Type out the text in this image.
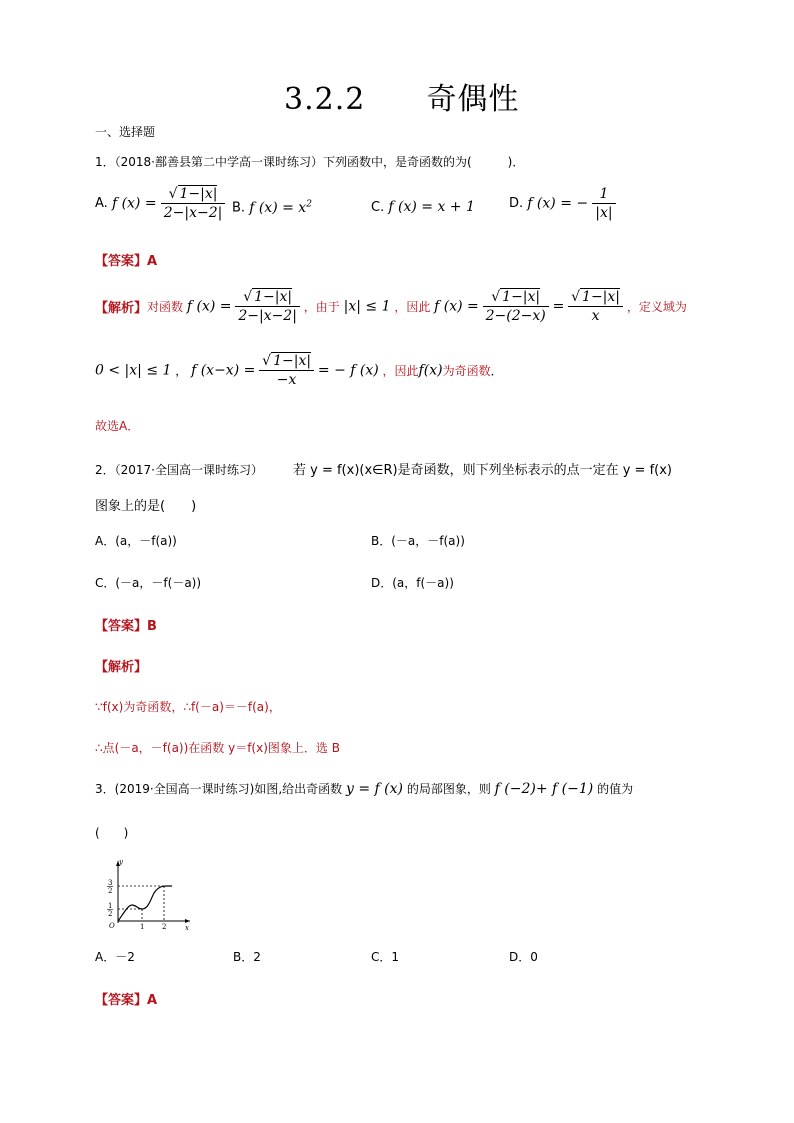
3.2.2 奇偶性
一、选择题
1．（2018·鄯善县第二中学高一课时练习）下列函数中，是奇函数的为(　　　)．
A. f $(x) = \frac{√ 1-|x|}{2-|x-2|} B$. f $(x) = x^2$	C. f (x) = x + 1	D. f (x) = − $\frac{1}{|x|}$
【答案】A
【解析】对函数 f $(x) = \frac{√ 1-|x|}{2-|x-2|}$ ，由于 |x| ≤ 1 ，因此 f $(x) = \frac{√ 1-|x|}{2-(2-x)} = \frac{√ 1-|x|}{x}$ ，定义域为
0 < |x| ≤ 1 ， f $(x-x) = \frac{√ 1-|x|}{-x}$ = − f (x) ，因此f(x)为奇函数．
故选A．
2．（2017·全国高一课时练习） 若 y = f(x)(x∈R)是奇函数，则下列坐标表示的点一定在 y = f(x)
图象上的是(　　)
A．(a，－f(a))	B．(－a，－f(a))
C．(－a，－f(－a))	D．(a，f(－a))
【答案】B
【解析】
∵f(x)为奇函数，∴f(－a)＝－f(a)，
∴点(－a，－f(a))在函数 y＝f(x)图象上．选 B
3．(2019·全国高一课时练习)如图,给出奇函数 y = f (x) 的局部图象，则 f (−2)+ f (−1) 的值为
(　　)
y
x
O	1	2
3
2
1
2
A．－2	B．2	C．1	D．0
【答案】A
